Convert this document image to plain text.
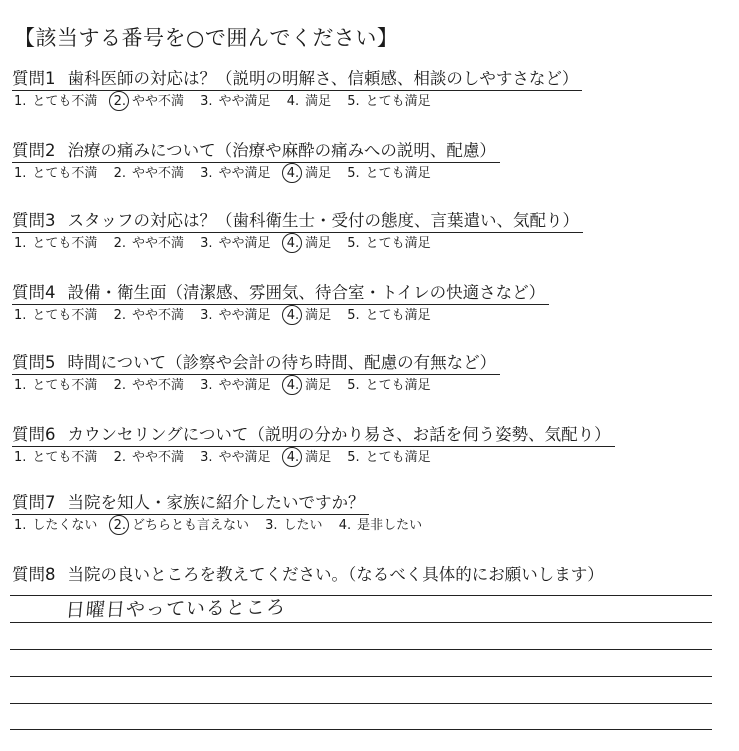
【該当する番号を○で囲んでください】
質問1 歯科医師の対応は？（説明の明解さ、信頼感、相談のしやすさなど）
1. とても不満 2. やや不満 3. やや満足 4. 満足 5. とても満足
質問2 治療の痛みについて（治療や麻酔の痛みへの説明、配慮）
1. とても不満 2. やや不満 3. やや満足 4. 満足 5. とても満足
質問3 スタッフの対応は？（歯科衛生士・受付の態度、言葉遣い、気配り）
1. とても不満 2. やや不満 3. やや満足 4. 満足 5. とても満足
質問4 設備・衛生面（清潔感、雰囲気、待合室・トイレの快適さなど）
1. とても不満 2. やや不満 3. やや満足 4. 満足 5. とても満足
質問5 時間について（診察や会計の待ち時間、配慮の有無など）
1. とても不満 2. やや不満 3. やや満足 4. 満足 5. とても満足
質問6 カウンセリングについて（説明の分かり易さ、お話を伺う姿勢、気配り）
1. とても不満 2. やや不満 3. やや満足 4. 満足 5. とても満足
質問7 当院を知人・家族に紹介したいですか？
1. したくない 2. どちらとも言えない 3. したい 4. 是非したい
質問8 当院の良いところを教えてください。（なるべく具体的にお願いします）
日曜日やっているところ
